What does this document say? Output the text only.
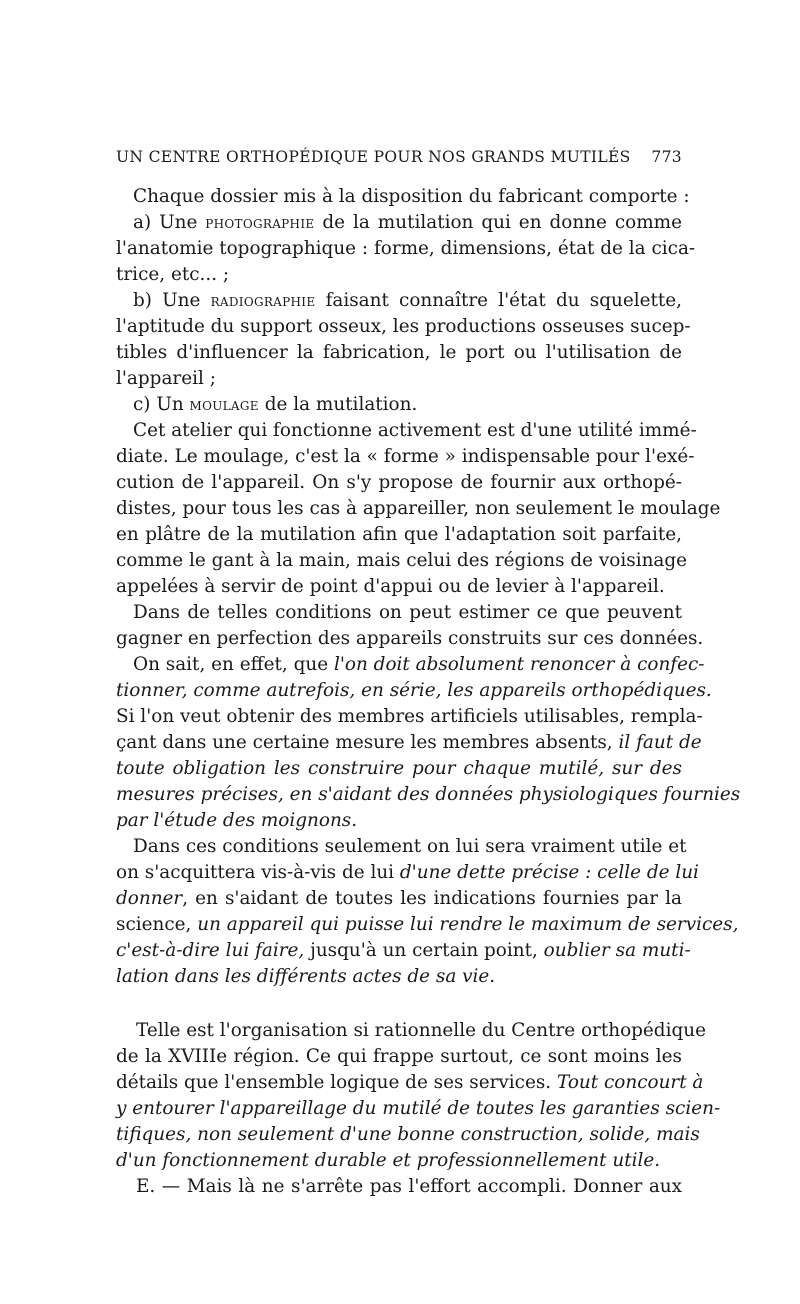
UN CENTRE ORTHOPÉDIQUE POUR NOS GRANDS MUTILÉS 773
Chaque dossier mis à la disposition du fabricant comporte :
a) Une photographie de la mutilation qui en donne comme
l'anatomie topographique : forme, dimensions, état de la cica-
trice, etc... ;
b) Une radiographie faisant connaître l'état du squelette,
l'aptitude du support osseux, les productions osseuses sucep-
tibles d'influencer la fabrication, le port ou l'utilisation de
l'appareil ;
c) Un moulage de la mutilation.
Cet atelier qui fonctionne activement est d'une utilité immé-
diate. Le moulage, c'est la « forme » indispensable pour l'exé-
cution de l'appareil. On s'y propose de fournir aux orthopé-
distes, pour tous les cas à appareiller, non seulement le moulage
en plâtre de la mutilation afin que l'adaptation soit parfaite,
comme le gant à la main, mais celui des régions de voisinage
appelées à servir de point d'appui ou de levier à l'appareil.
Dans de telles conditions on peut estimer ce que peuvent
gagner en perfection des appareils construits sur ces données.
On sait, en effet, que l'on doit absolument renoncer à confec-
tionner, comme autrefois, en série, les appareils orthopédiques.
Si l'on veut obtenir des membres artificiels utilisables, rempla-
çant dans une certaine mesure les membres absents, il faut de
toute obligation les construire pour chaque mutilé, sur des
mesures précises, en s'aidant des données physiologiques fournies
par l'étude des moignons.
Dans ces conditions seulement on lui sera vraiment utile et
on s'acquittera vis-à-vis de lui d'une dette précise : celle de lui
donner, en s'aidant de toutes les indications fournies par la
science, un appareil qui puisse lui rendre le maximum de services,
c'est-à-dire lui faire, jusqu'à un certain point, oublier sa muti-
lation dans les différents actes de sa vie.
Telle est l'organisation si rationnelle du Centre orthopédique
de la XVIIIe région. Ce qui frappe surtout, ce sont moins les
détails que l'ensemble logique de ses services. Tout concourt à
y entourer l'appareillage du mutilé de toutes les garanties scien-
tifiques, non seulement d'une bonne construction, solide, mais
d'un fonctionnement durable et professionnellement utile.
E. — Mais là ne s'arrête pas l'effort accompli. Donner aux
